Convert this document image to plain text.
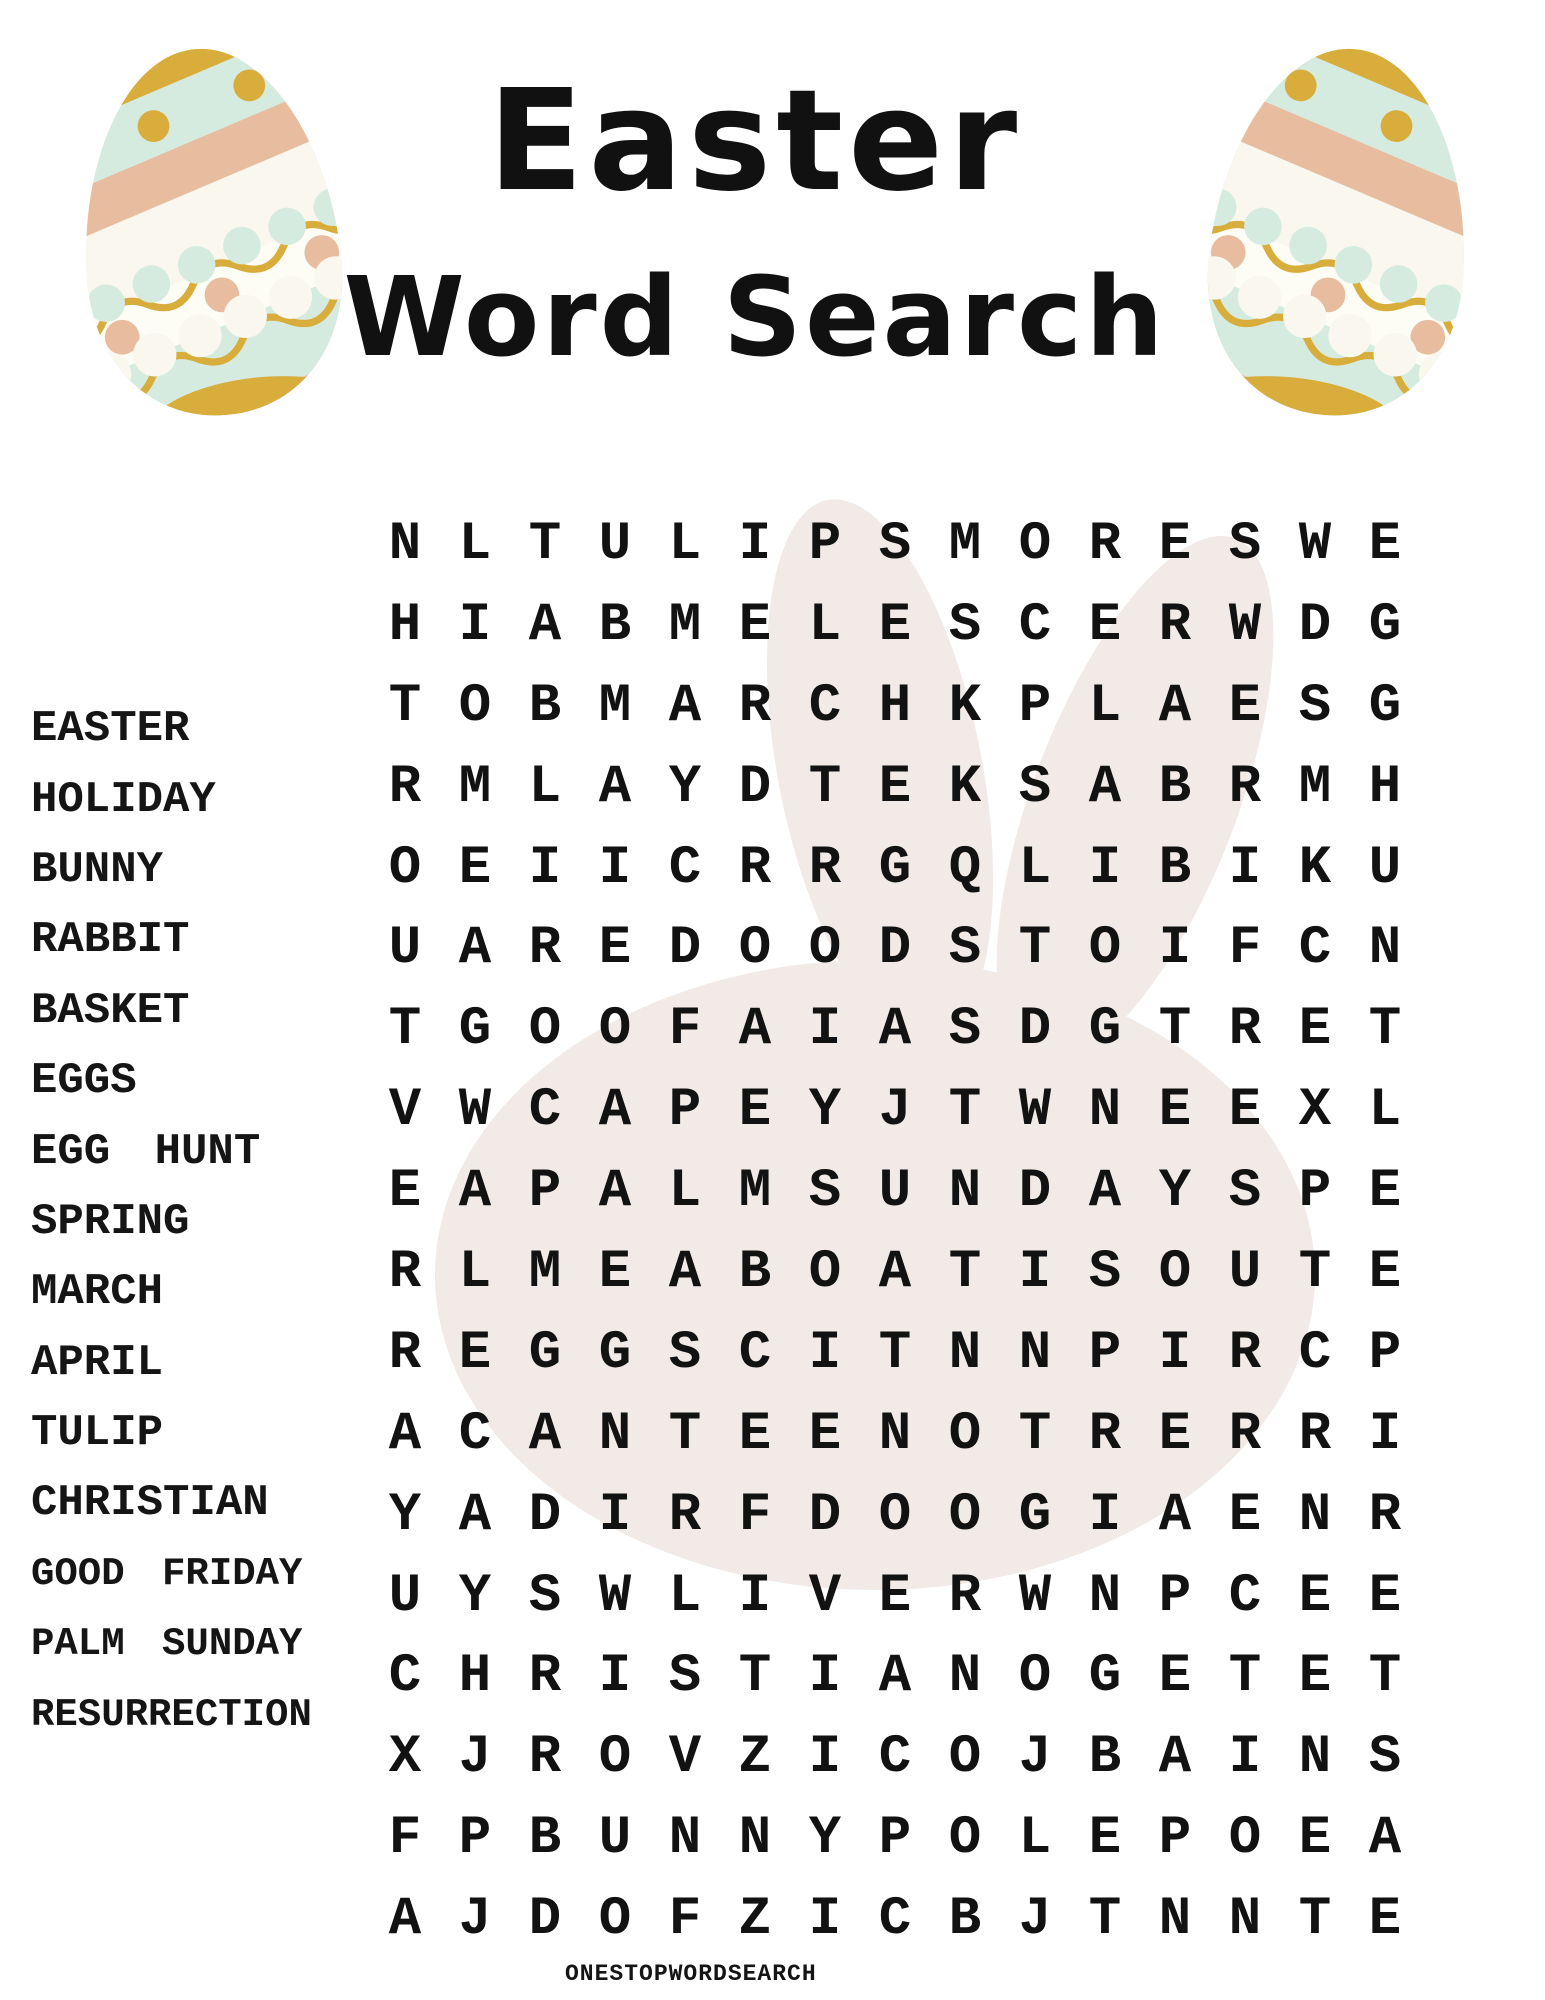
Easter
Word Search
EASTER
HOLIDAY
BUNNY
RABBIT
BASKET
EGGS
EGG HUNT
SPRING
MARCH
APRIL
TULIP
CHRISTIAN
GOOD FRIDAY
PALM SUNDAY
RESURRECTION
N L T U L I P S M O R E S W E
H I A B M E L E S C E R W D G
T O B M A R C H K P L A E S G
R M L A Y D T E K S A B R M H
O E I I C R R G Q L I B I K U
U A R E D O O D S T O I F C N
T G O O F A I A S D G T R E T
V W C A P E Y J T W N E E X L
E A P A L M S U N D A Y S P E
R L M E A B O A T I S O U T E
R E G G S C I T N N P I R C P
A C A N T E E N O T R E R R I
Y A D I R F D O O G I A E N R
U Y S W L I V E R W N P C E E
C H R I S T I A N O G E T E T
X J R O V Z I C O J B A I N S
F P B U N N Y P O L E P O E A
A J D O F Z I C B J T N N T E
ONESTOPWORDSEARCH
